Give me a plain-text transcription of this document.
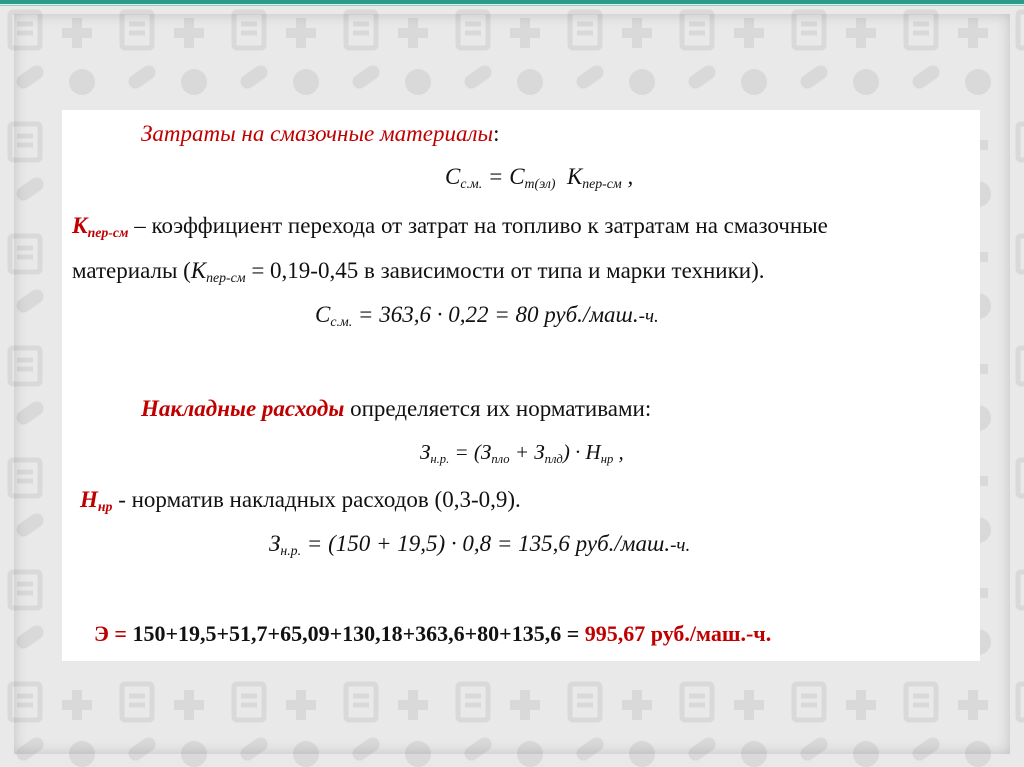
Затраты на смазочные материалы:
$С_{с.м.} = С_{т(эл)}$ $К_{пер-см}$ ,
$К_{пер-см}$ – коэффициент перехода от затрат на топливо к затратам на смазочные
материалы ($К_{пер-см} = 0,19-0,45$ в зависимости от типа и марки техники).
$С_{с.м.} = 363,6 \cdot 0,22 = 80$ руб./маш.-ч.
Накладные расходы определяется их нормативами:
$З_{н.р.} = (З_{пло} + З_{плд}) \cdot Н_{нр}$ ,
$Н_{нр}$ - норматив накладных расходов (0,3-0,9).
$З_{н.р.} = (150 + 19,5) \cdot 0,8 = 135,6$ руб./маш.-ч.
Э = 150+19,5+51,7+65,09+130,18+363,6+80+135,6 = 995,67 руб./маш.-ч.
